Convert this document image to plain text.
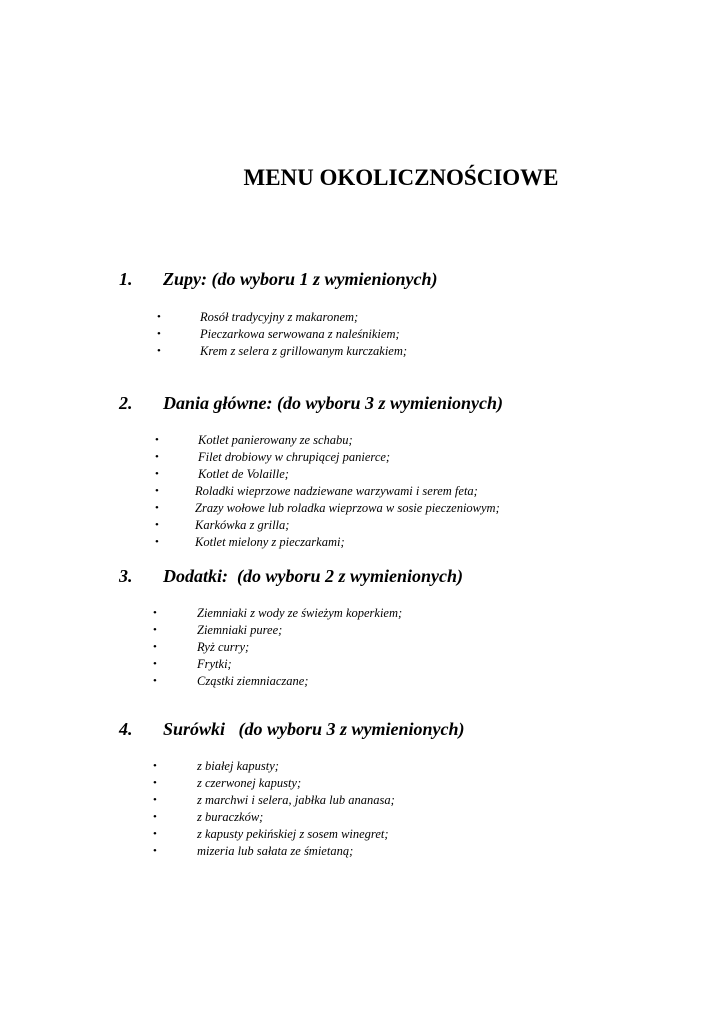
MENU OKOLICZNOŚCIOWE
1. Zupy: (do wyboru 1 z wymienionych)
•	Rosół tradycyjny z makaronem;
•	Pieczarkowa serwowana z naleśnikiem;
•	Krem z selera z grillowanym kurczakiem;
2. Dania główne: (do wyboru 3 z wymienionych)
•	Kotlet panierowany ze schabu;
•	Filet drobiowy w chrupiącej panierce;
•	Kotlet de Volaille;
•	Roladki wieprzowe nadziewane warzywami i serem feta;
•	Zrazy wołowe lub roladka wieprzowa w sosie pieczeniowym;
•	Karkówka z grilla;
•	Kotlet mielony z pieczarkami;
3. Dodatki:  (do wyboru 2 z wymienionych)
•	Ziemniaki z wody ze świeżym koperkiem;
•	Ziemniaki puree;
•	Ryż curry;
•	Frytki;
•	Cząstki ziemniaczane;
4. Surówki   (do wyboru 3 z wymienionych)
•	z białej kapusty;
•	z czerwonej kapusty;
•	z marchwi i selera, jabłka lub ananasa;
•	z buraczków;
•	z kapusty pekińskiej z sosem winegret;
•	mizeria lub sałata ze śmietaną;
